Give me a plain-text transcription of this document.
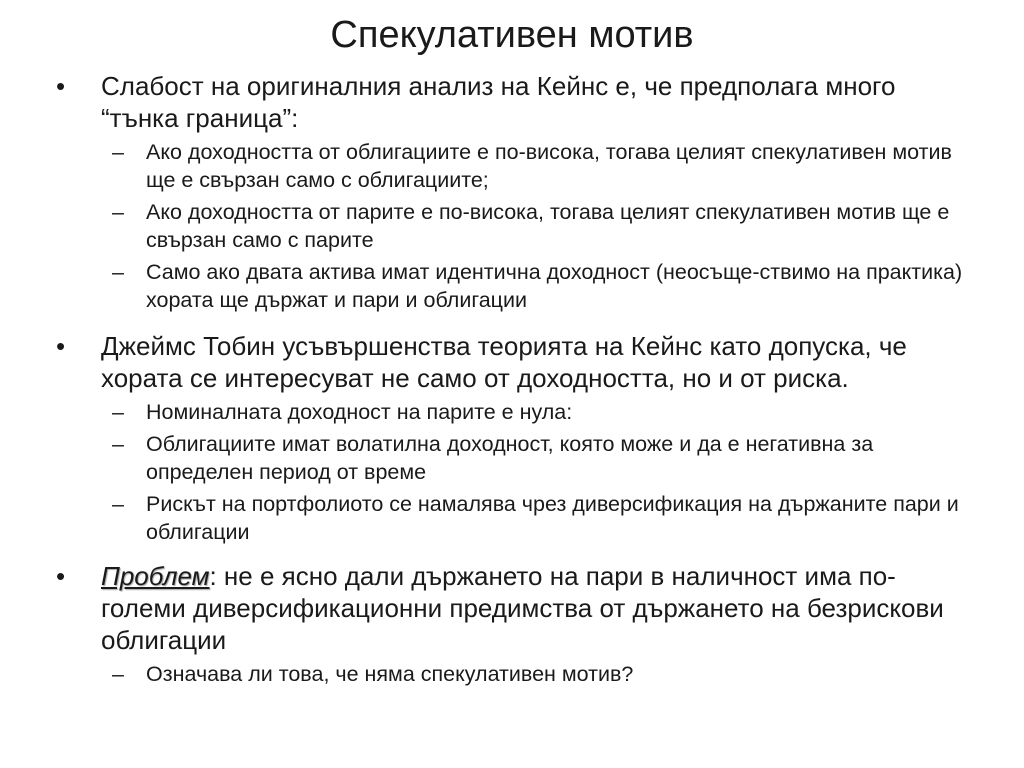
Спекулативен мотив
•	Слабост на оригиналния анализ на Кейнс е, че предполага много “тънка граница”:
– Ако доходността от облигациите е по-висока, тогава целият спекулативен мотив ще е свързан само с облигациите;
– Ако доходността от парите е по-висока, тогава целият спекулативен мотив ще е свързан само с парите
– Само ако двата актива имат идентична доходност (неосъще-ствимо на практика) хората ще държат и пари и облигации
•	Джеймс Тобин усъвършенства теорията на Кейнс като допуска, че хората се интересуват не само от доходността, но и от риска.
– Номиналната доходност на парите е нула:
– Облигациите имат волатилна доходност, която може и да е негативна за определен период от време
– Рискът на портфолиото се намалява чрез диверсификация на държаните пари и облигации
•	Проблем: не е ясно дали държането на пари в наличност има по-големи диверсификационни предимства от държането на безрискови облигации
– Означава ли това, че няма спекулативен мотив?
